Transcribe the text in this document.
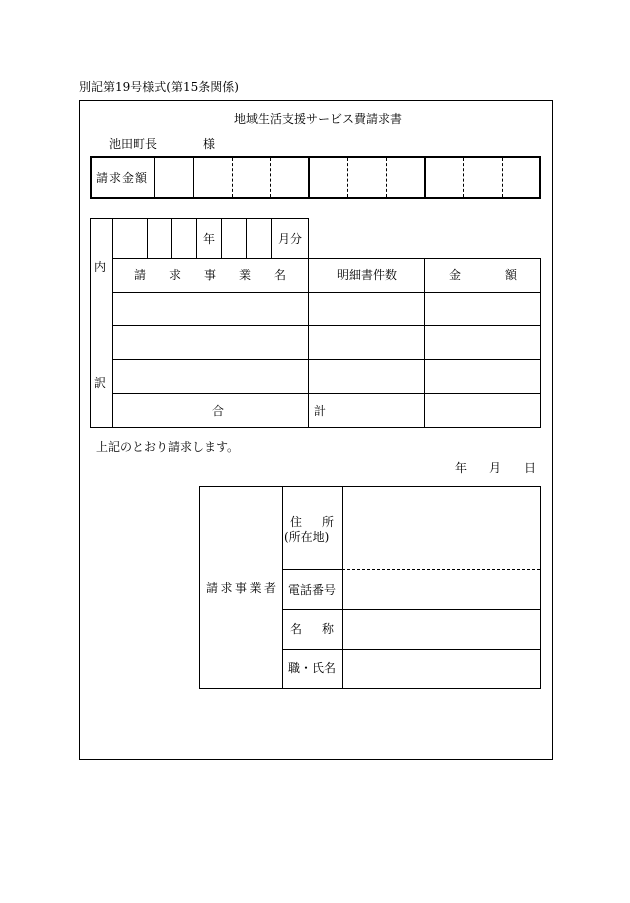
別記第19号様式(第15条関係)
地域生活支援サービス費請求書
池田町長	様
請求金額
年	月分
請 求 事 業 名	明細書件数	金	額
内
訳
合	計
上記のとおり請求します。
年 月 日
請 求 事 業 者
住 所
(所在地)
電話番号
名 称
職・氏名
